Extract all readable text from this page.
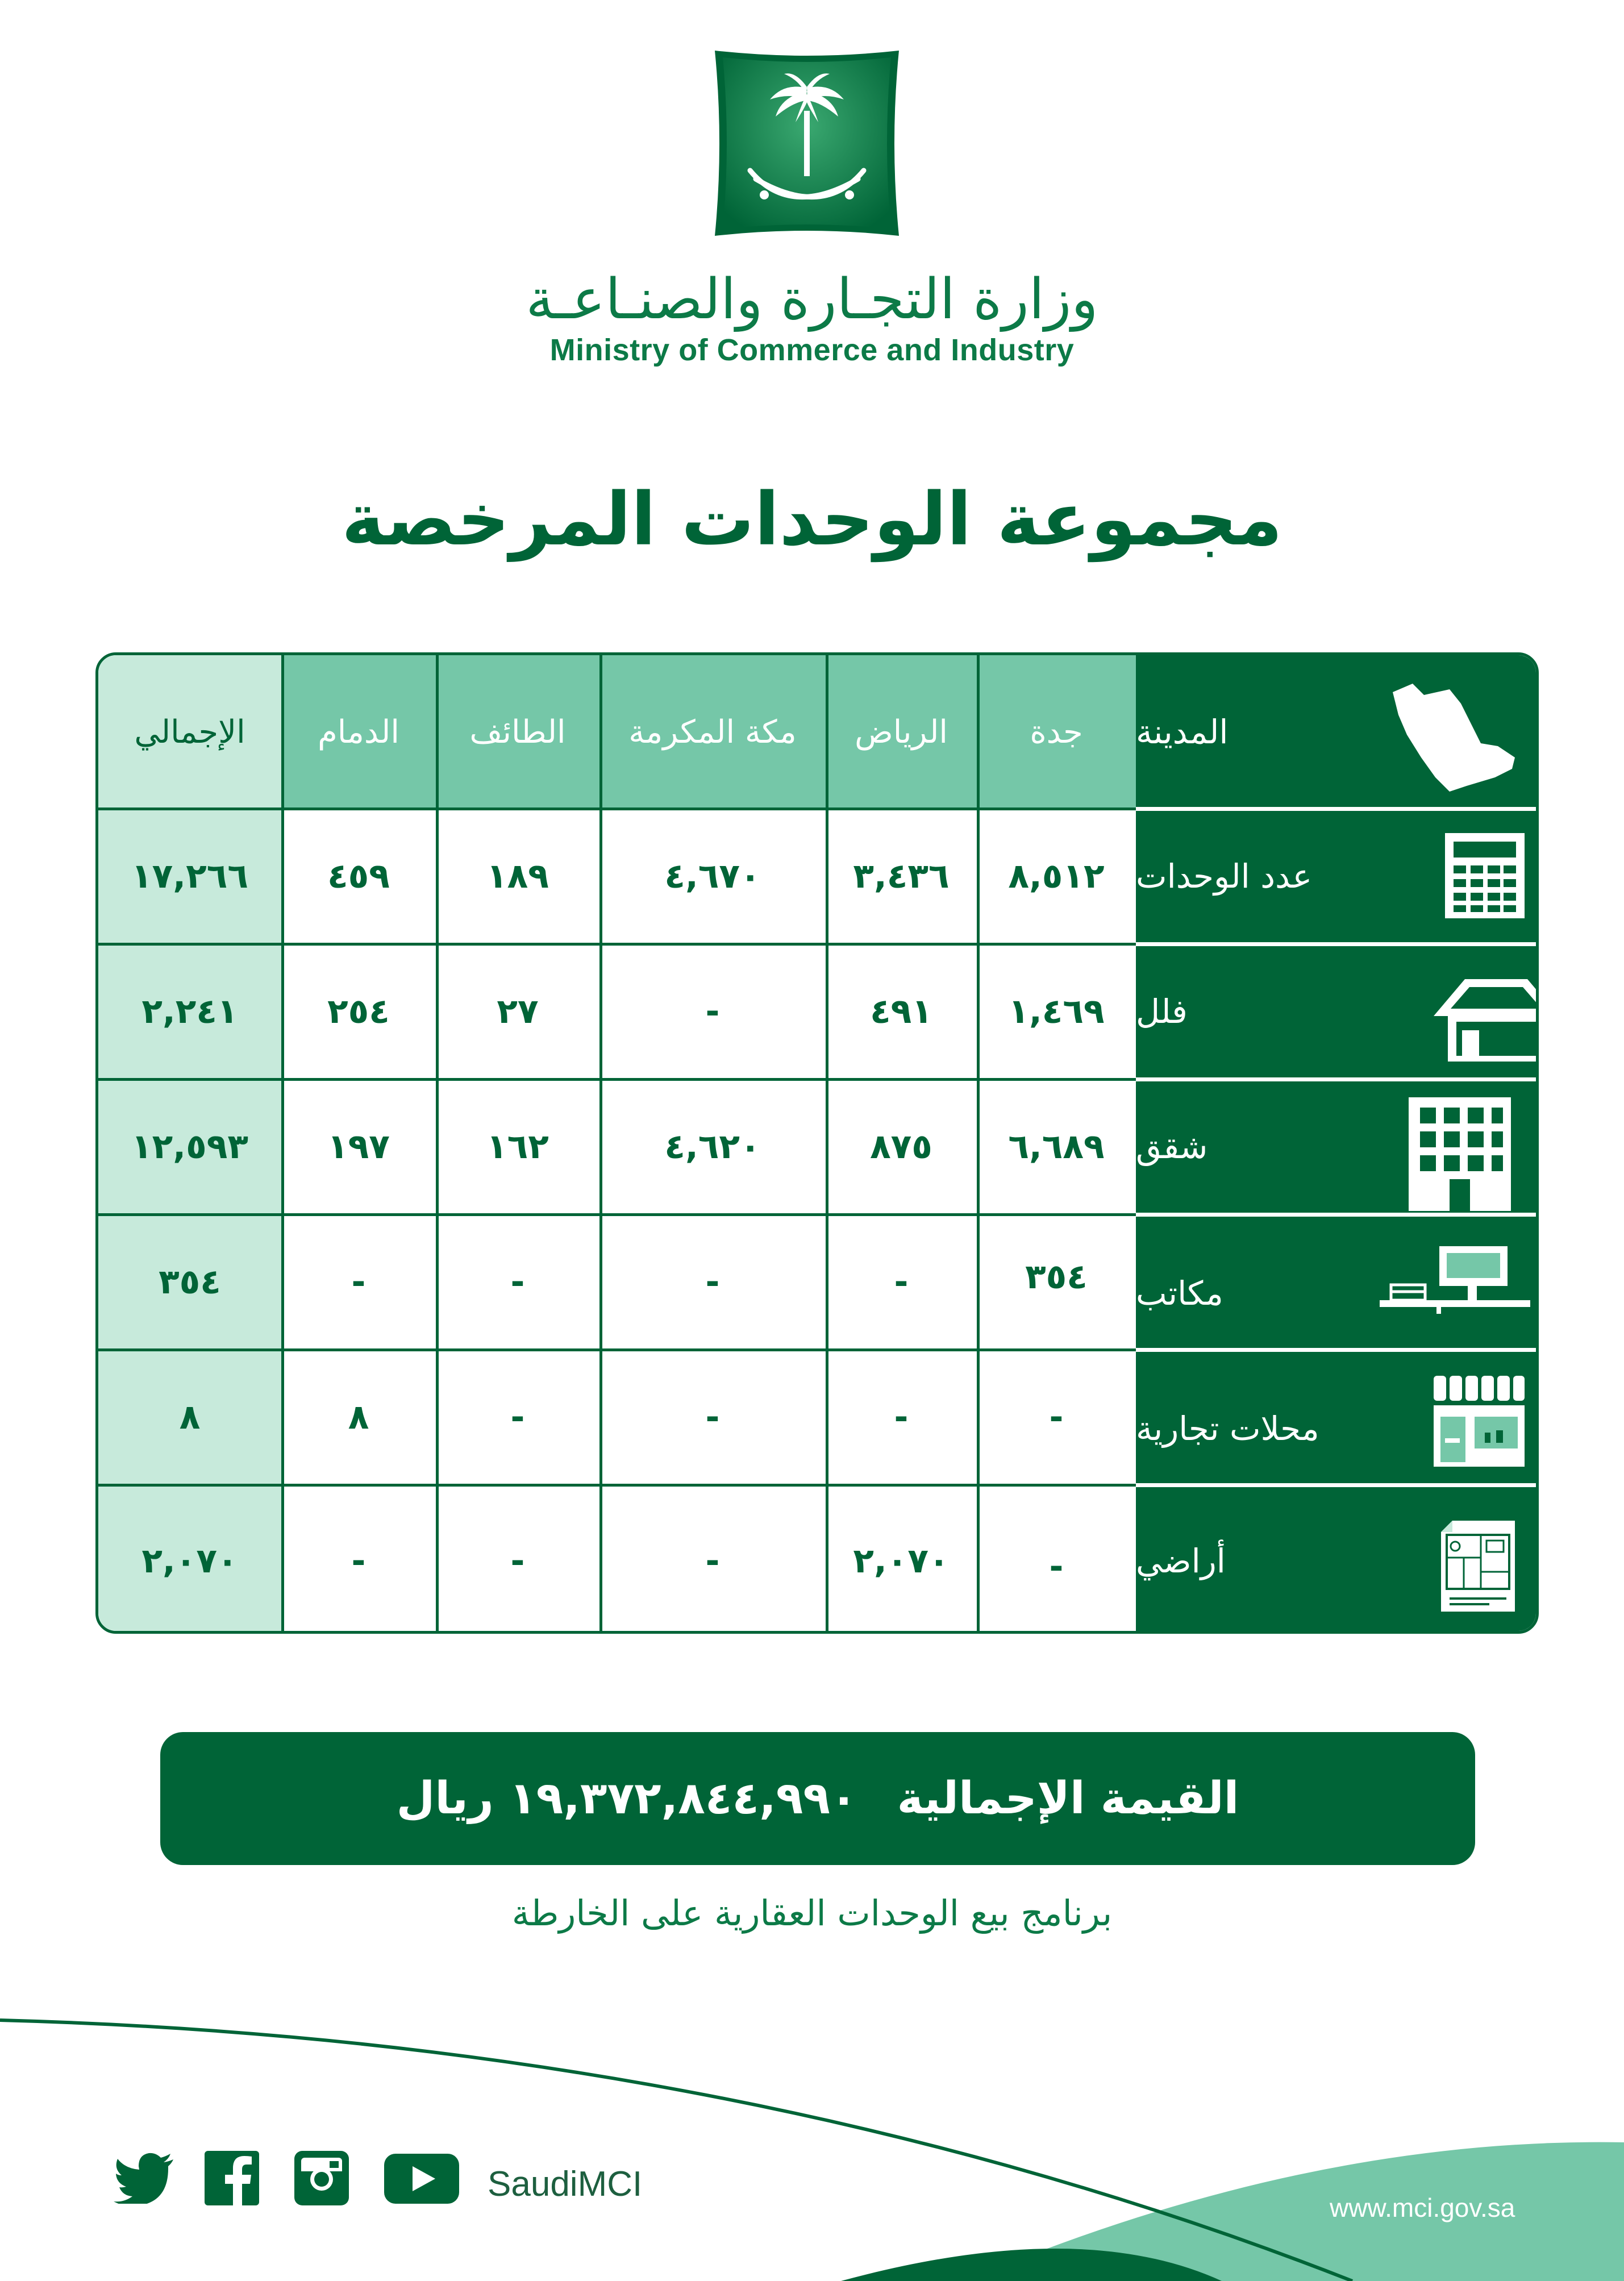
وزارة التجـارة والصنـاعـة
Ministry of Commerce and Industry
مجموعة الوحدات المرخصة
المدينة
جدة
الرياض
مكة المكرمة
الطائف
الدمام
الإجمالي
عدد الوحدات
٨,٥١٢
٣,٤٣٦
٤,٦٧٠
١٨٩
٤٥٩
١٧,٢٦٦
فلل
١,٤٦٩
٤٩١
-
٢٧
٢٥٤
٢,٢٤١
شقق
٦,٦٨٩
٨٧٥
٤,٦٢٠
١٦٢
١٩٧
١٢,٥٩٣
مكاتب
٣٥٤
-
-
-
-
٣٥٤
محلات تجارية
-
-
-
-
٨
٨
أراضي
-
٢,٠٧٠
-
-
-
٢,٠٧٠
القيمة الإجمالية
١٩,٣٧٢,٨٤٤,٩٩٠ ريال
برنامج بيع الوحدات العقارية على الخارطة
SaudiMCI
www.mci.gov.sa
